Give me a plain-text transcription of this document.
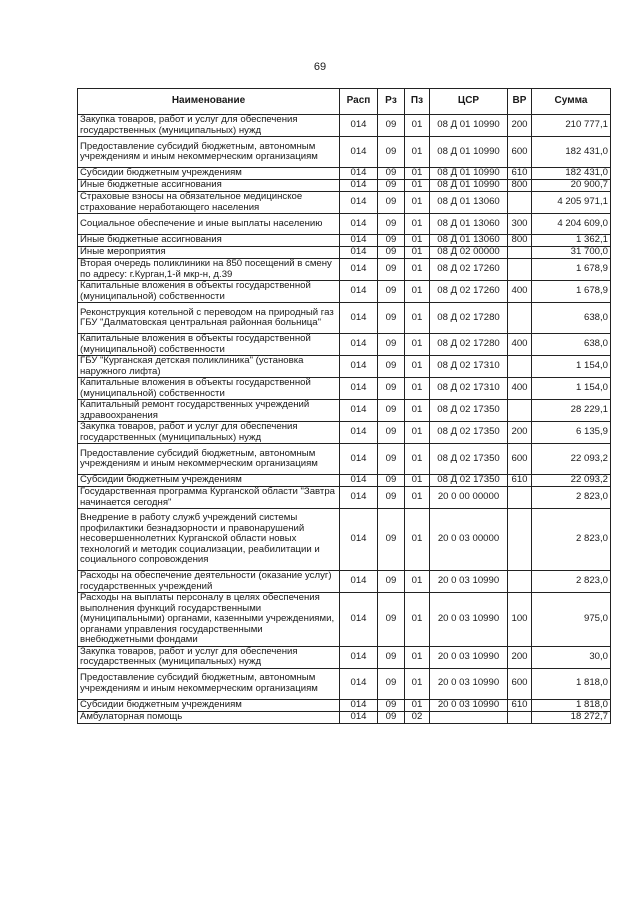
69
Наименование	Расп	Рз	Пз	ЦСР	ВР	Сумма
Закупка товаров, работ и услуг для обеспечения государственных (муниципальных) нужд	014	09	01	08 Д 01 10990	200	210 777,1
Предоставление субсидий бюджетным, автономным учреждениям и иным некоммерческим организациям	014	09	01	08 Д 01 10990	600	182 431,0
Субсидии бюджетным учреждениям	014	09	01	08 Д 01 10990	610	182 431,0
Иные бюджетные ассигнования	014	09	01	08 Д 01 10990	800	20 900,7
Страховые взносы на обязательное медицинское страхование неработающего населения	014	09	01	08 Д 01 13060		4 205 971,1
Социальное обеспечение и иные выплаты населению	014	09	01	08 Д 01 13060	300	4 204 609,0
Иные бюджетные ассигнования	014	09	01	08 Д 01 13060	800	1 362,1
Иные мероприятия	014	09	01	08 Д 02 00000		31 700,0
Вторая очередь поликлиники на 850 посещений в смену по адресу: г.Курган,1-й мкр-н, д.39	014	09	01	08 Д 02 17260		1 678,9
Капитальные вложения в объекты государственной (муниципальной) собственности	014	09	01	08 Д 02 17260	400	1 678,9
Реконструкция котельной с переводом на природный газ ГБУ "Далматовская центральная районная больница"	014	09	01	08 Д 02 17280		638,0
Капитальные вложения в объекты государственной (муниципальной) собственности	014	09	01	08 Д 02 17280	400	638,0
ГБУ "Курганская детская поликлиника" (установка наружного лифта)	014	09	01	08 Д 02 17310		1 154,0
Капитальные вложения в объекты государственной (муниципальной) собственности	014	09	01	08 Д 02 17310	400	1 154,0
Капитальный ремонт государственных учреждений здравоохранения	014	09	01	08 Д 02 17350		28 229,1
Закупка товаров, работ и услуг для обеспечения государственных (муниципальных) нужд	014	09	01	08 Д 02 17350	200	6 135,9
Предоставление субсидий бюджетным, автономным учреждениям и иным некоммерческим организациям	014	09	01	08 Д 02 17350	600	22 093,2
Субсидии бюджетным учреждениям	014	09	01	08 Д 02 17350	610	22 093,2
Государственная программа Курганской области "Завтра начинается сегодня"	014	09	01	20 0 00 00000		2 823,0
Внедрение в работу служб учреждений системы профилактики безнадзорности и правонарушений несовершеннолетних Курганской области новых технологий и методик социализации, реабилитации и социального сопровождения	014	09	01	20 0 03 00000		2 823,0
Расходы на обеспечение деятельности (оказание услуг) государственных учреждений	014	09	01	20 0 03 10990		2 823,0
Расходы на выплаты персоналу в целях обеспечения выполнения функций государственными (муниципальными) органами, казенными учреждениями, органами управления государственными внебюджетными фондами	014	09	01	20 0 03 10990	100	975,0
Закупка товаров, работ и услуг для обеспечения государственных (муниципальных) нужд	014	09	01	20 0 03 10990	200	30,0
Предоставление субсидий бюджетным, автономным учреждениям и иным некоммерческим организациям	014	09	01	20 0 03 10990	600	1 818,0
Субсидии бюджетным учреждениям	014	09	01	20 0 03 10990	610	1 818,0
Амбулаторная помощь	014	09	02			18 272,7
